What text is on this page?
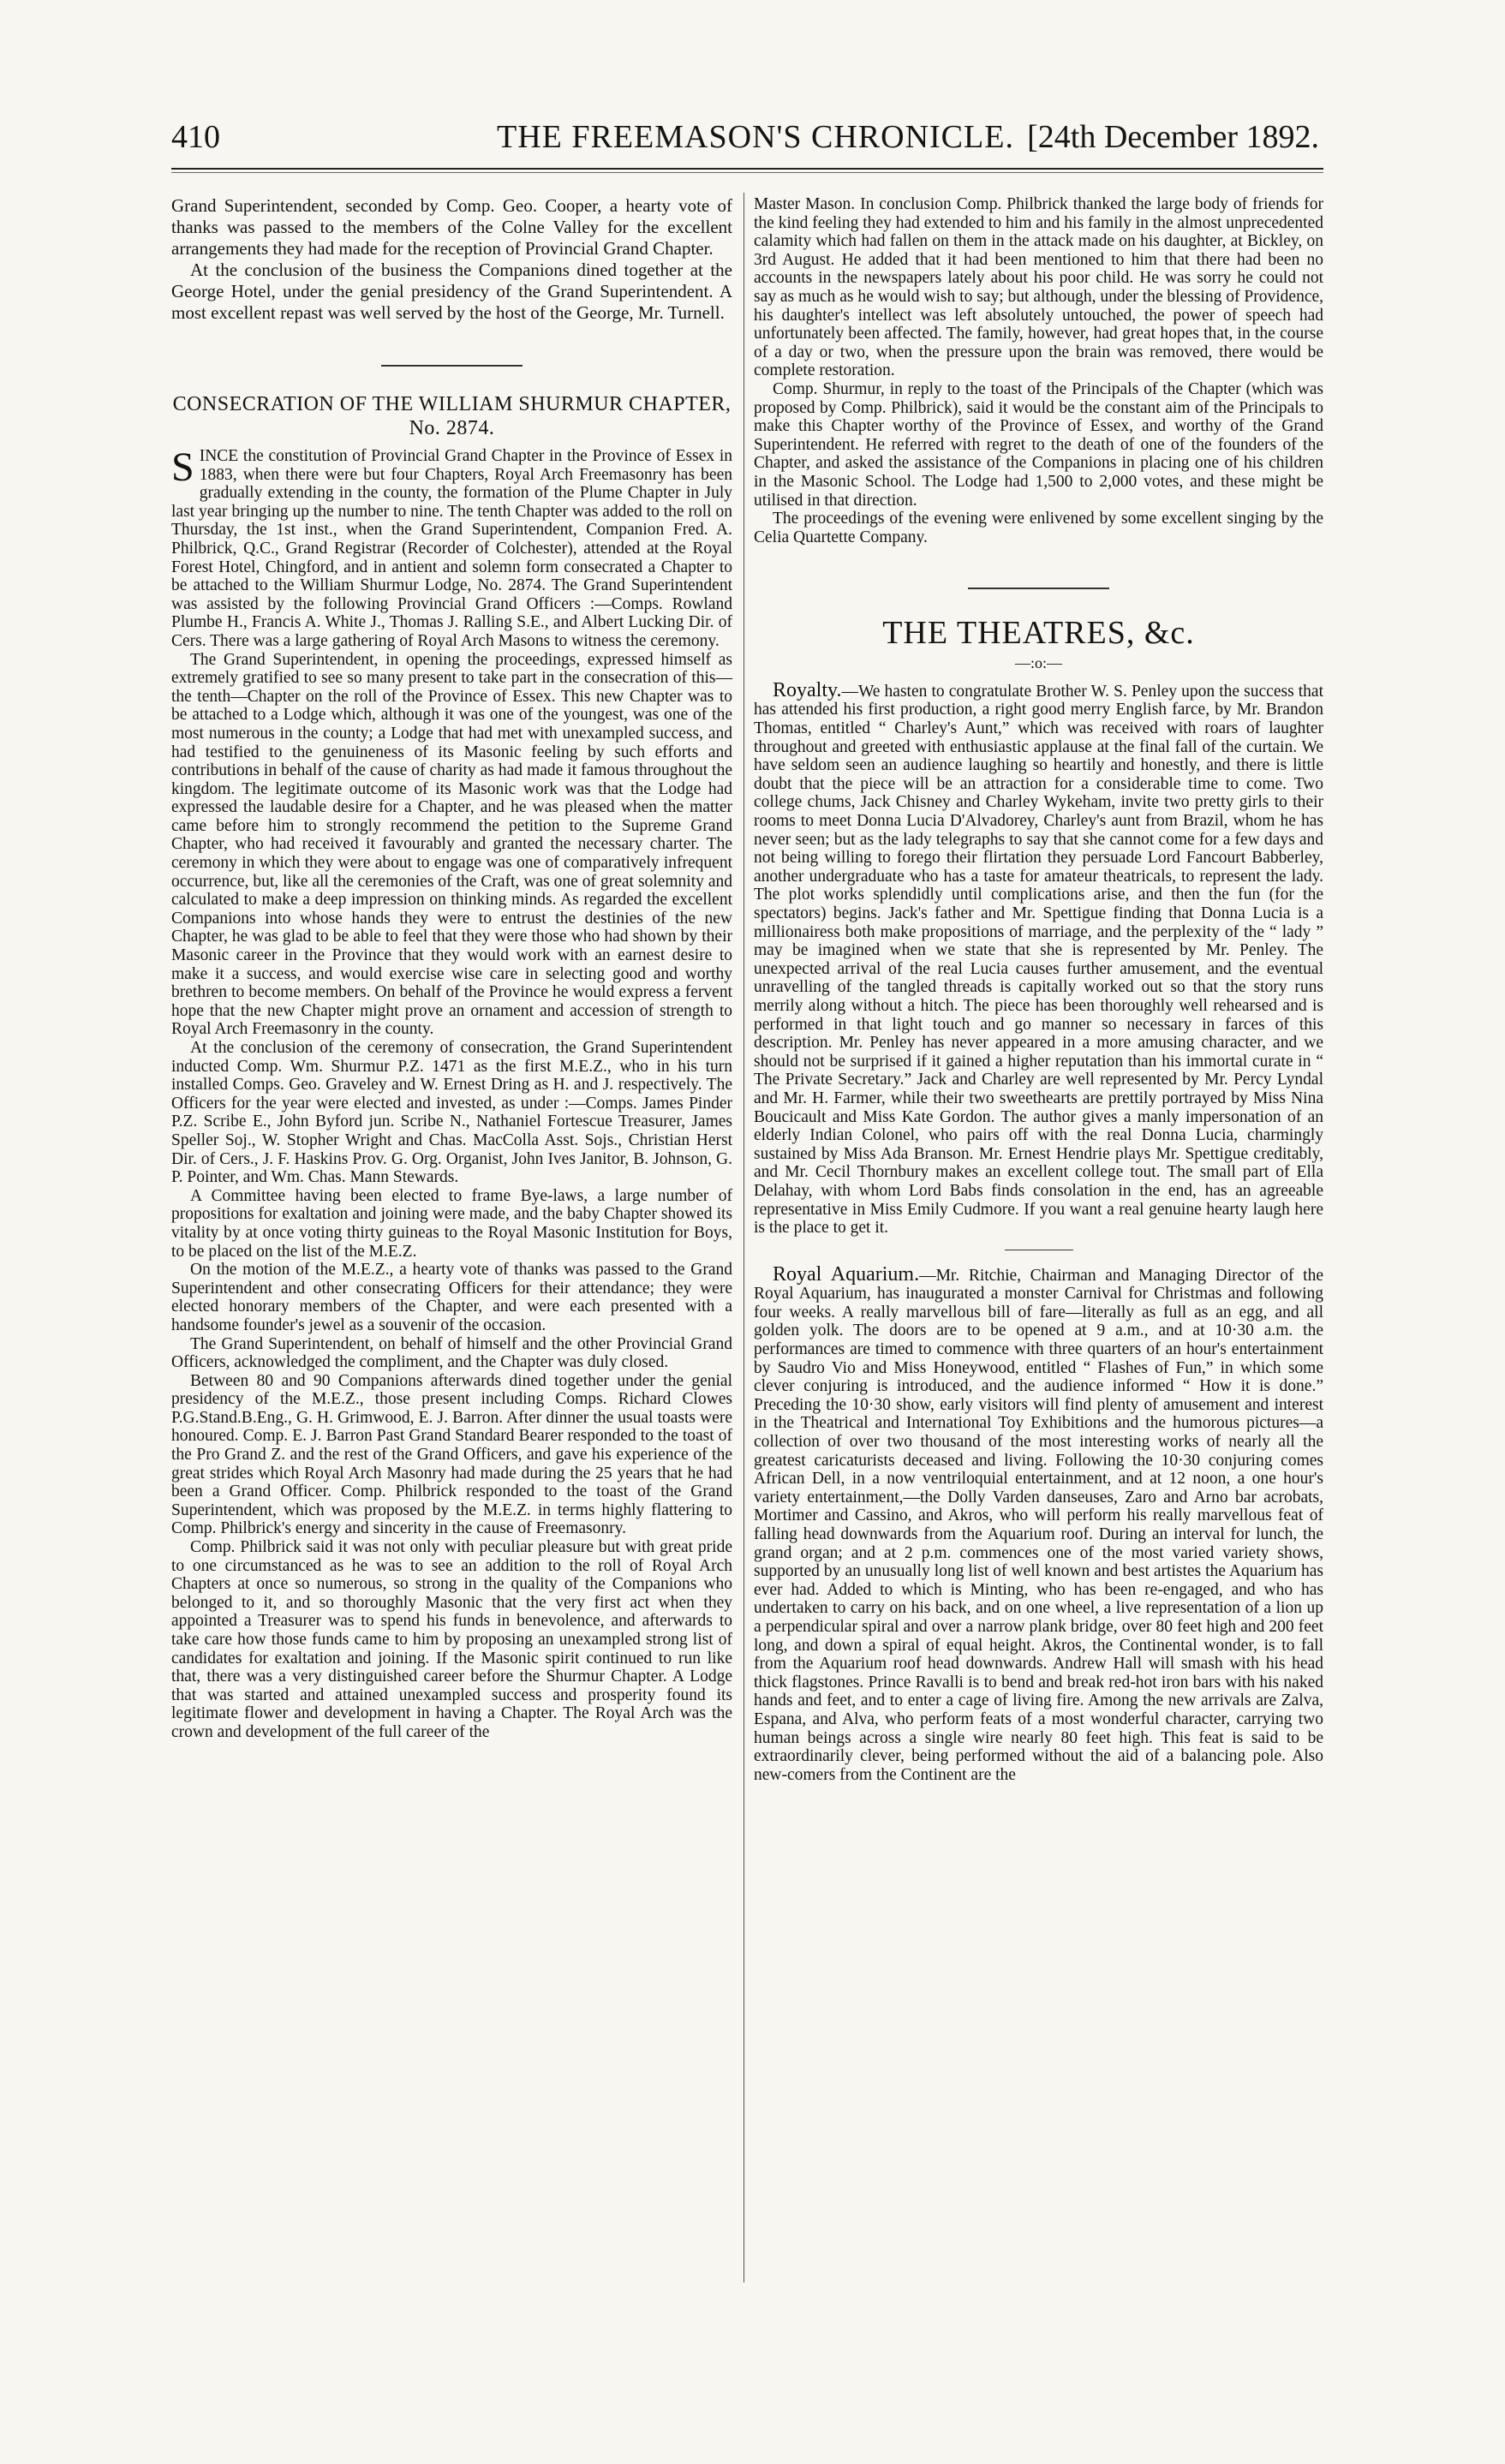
410	THE FREEMASON'S CHRONICLE. [24th December 1892.

Grand Superintendent, seconded by Comp. Geo. Cooper, a hearty vote of thanks was passed to the members of the Colne Valley for the excellent arrangements they had made for the reception of Provincial Grand Chapter.

At the conclusion of the business the Companions dined together at the George Hotel, under the genial presidency of the Grand Superintendent. A most excellent repast was well served by the host of the George, Mr. Turnell.

CONSECRATION OF THE WILLIAM SHURMUR CHAPTER, No. 2874.

SINCE the constitution of Provincial Grand Chapter in the Province of Essex in 1883, when there were but four Chapters, Royal Arch Freemasonry has been gradually extending in the county, the formation of the Plume Chapter in July last year bringing up the number to nine. The tenth Chapter was added to the roll on Thursday, the 1st inst., when the Grand Superintendent, Companion Fred. A. Philbrick, Q.C., Grand Registrar (Recorder of Colchester), attended at the Royal Forest Hotel, Chingford, and in antient and solemn form consecrated a Chapter to be attached to the William Shurmur Lodge, No. 2874. The Grand Superintendent was assisted by the following Provincial Grand Officers :—Comps. Rowland Plumbe H., Francis A. White J., Thomas J. Ralling S.E., and Albert Lucking Dir. of Cers. There was a large gathering of Royal Arch Masons to witness the ceremony.

The Grand Superintendent, in opening the proceedings, expressed himself as extremely gratified to see so many present to take part in the consecration of this—the tenth—Chapter on the roll of the Province of Essex. This new Chapter was to be attached to a Lodge which, although it was one of the youngest, was one of the most numerous in the county; a Lodge that had met with unexampled success, and had testified to the genuineness of its Masonic feeling by such efforts and contributions in behalf of the cause of charity as had made it famous throughout the kingdom. The legitimate outcome of its Masonic work was that the Lodge had expressed the laudable desire for a Chapter, and he was pleased when the matter came before him to strongly recommend the petition to the Supreme Grand Chapter, who had received it favourably and granted the necessary charter. The ceremony in which they were about to engage was one of comparatively infrequent occurrence, but, like all the ceremonies of the Craft, was one of great solemnity and calculated to make a deep impression on thinking minds. As regarded the excellent Companions into whose hands they were to entrust the destinies of the new Chapter, he was glad to be able to feel that they were those who had shown by their Masonic career in the Province that they would work with an earnest desire to make it a success, and would exercise wise care in selecting good and worthy brethren to become members. On behalf of the Province he would express a fervent hope that the new Chapter might prove an ornament and accession of strength to Royal Arch Freemasonry in the county.

At the conclusion of the ceremony of consecration, the Grand Superintendent inducted Comp. Wm. Shurmur P.Z. 1471 as the first M.E.Z., who in his turn installed Comps. Geo. Graveley and W. Ernest Dring as H. and J. respectively. The Officers for the year were elected and invested, as under :—Comps. James Pinder P.Z. Scribe E., John Byford jun. Scribe N., Nathaniel Fortescue Treasurer, James Speller Soj., W. Stopher Wright and Chas. MacColla Asst. Sojs., Christian Herst Dir. of Cers., J. F. Haskins Prov. G. Org. Organist, John Ives Janitor, B. Johnson, G. P. Pointer, and Wm. Chas. Mann Stewards.

A Committee having been elected to frame Bye-laws, a large number of propositions for exaltation and joining were made, and the baby Chapter showed its vitality by at once voting thirty guineas to the Royal Masonic Institution for Boys, to be placed on the list of the M.E.Z.

On the motion of the M.E.Z., a hearty vote of thanks was passed to the Grand Superintendent and other consecrating Officers for their attendance; they were elected honorary members of the Chapter, and were each presented with a handsome founder's jewel as a souvenir of the occasion.

The Grand Superintendent, on behalf of himself and the other Provincial Grand Officers, acknowledged the compliment, and the Chapter was duly closed.

Between 80 and 90 Companions afterwards dined together under the genial presidency of the M.E.Z., those present including Comps. Richard Clowes P.G.Stand.B.Eng., G. H. Grimwood, E. J. Barron. After dinner the usual toasts were honoured. Comp. E. J. Barron Past Grand Standard Bearer responded to the toast of the Pro Grand Z. and the rest of the Grand Officers, and gave his experience of the great strides which Royal Arch Masonry had made during the 25 years that he had been a Grand Officer. Comp. Philbrick responded to the toast of the Grand Superintendent, which was proposed by the M.E.Z. in terms highly flattering to Comp. Philbrick's energy and sincerity in the cause of Freemasonry.

Comp. Philbrick said it was not only with peculiar pleasure but with great pride to one circumstanced as he was to see an addition to the roll of Royal Arch Chapters at once so numerous, so strong in the quality of the Companions who belonged to it, and so thoroughly Masonic that the very first act when they appointed a Treasurer was to spend his funds in benevolence, and afterwards to take care how those funds came to him by proposing an unexampled strong list of candidates for exaltation and joining. If the Masonic spirit continued to run like that, there was a very distinguished career before the Shurmur Chapter. A Lodge that was started and attained unexampled success and prosperity found its legitimate flower and development in having a Chapter. The Royal Arch was the crown and development of the full career of the

Master Mason. In conclusion Comp. Philbrick thanked the large body of friends for the kind feeling they had extended to him and his family in the almost unprecedented calamity which had fallen on them in the attack made on his daughter, at Bickley, on 3rd August. He added that it had been mentioned to him that there had been no accounts in the newspapers lately about his poor child. He was sorry he could not say as much as he would wish to say; but although, under the blessing of Providence, his daughter's intellect was left absolutely untouched, the power of speech had unfortunately been affected. The family, however, had great hopes that, in the course of a day or two, when the pressure upon the brain was removed, there would be complete restoration.

Comp. Shurmur, in reply to the toast of the Principals of the Chapter (which was proposed by Comp. Philbrick), said it would be the constant aim of the Principals to make this Chapter worthy of the Province of Essex, and worthy of the Grand Superintendent. He referred with regret to the death of one of the founders of the Chapter, and asked the assistance of the Companions in placing one of his children in the Masonic School. The Lodge had 1,500 to 2,000 votes, and these might be utilised in that direction.

The proceedings of the evening were enlivened by some excellent singing by the Celia Quartette Company.

THE THEATRES, &c.
—:o:—

Royalty.—We hasten to congratulate Brother W. S. Penley upon the success that has attended his first production, a right good merry English farce, by Mr. Brandon Thomas, entitled “ Charley's Aunt,” which was received with roars of laughter throughout and greeted with enthusiastic applause at the final fall of the curtain. We have seldom seen an audience laughing so heartily and honestly, and there is little doubt that the piece will be an attraction for a considerable time to come. Two college chums, Jack Chisney and Charley Wykeham, invite two pretty girls to their rooms to meet Donna Lucia D'Alvadorey, Charley's aunt from Brazil, whom he has never seen; but as the lady telegraphs to say that she cannot come for a few days and not being willing to forego their flirtation they persuade Lord Fancourt Babberley, another undergraduate who has a taste for amateur theatricals, to represent the lady. The plot works splendidly until complications arise, and then the fun (for the spectators) begins. Jack's father and Mr. Spettigue finding that Donna Lucia is a millionairess both make propositions of marriage, and the perplexity of the “ lady ” may be imagined when we state that she is represented by Mr. Penley. The unexpected arrival of the real Lucia causes further amusement, and the eventual unravelling of the tangled threads is capitally worked out so that the story runs merrily along without a hitch. The piece has been thoroughly well rehearsed and is performed in that light touch and go manner so necessary in farces of this description. Mr. Penley has never appeared in a more amusing character, and we should not be surprised if it gained a higher reputation than his immortal curate in “ The Private Secretary.” Jack and Charley are well represented by Mr. Percy Lyndal and Mr. H. Farmer, while their two sweethearts are prettily portrayed by Miss Nina Boucicault and Miss Kate Gordon. The author gives a manly impersonation of an elderly Indian Colonel, who pairs off with the real Donna Lucia, charmingly sustained by Miss Ada Branson. Mr. Ernest Hendrie plays Mr. Spettigue creditably, and Mr. Cecil Thornbury makes an excellent college tout. The small part of Ella Delahay, with whom Lord Babs finds consolation in the end, has an agreeable representative in Miss Emily Cudmore. If you want a real genuine hearty laugh here is the place to get it.

Royal Aquarium.—Mr. Ritchie, Chairman and Managing Director of the Royal Aquarium, has inaugurated a monster Carnival for Christmas and following four weeks. A really marvellous bill of fare—literally as full as an egg, and all golden yolk. The doors are to be opened at 9 a.m., and at 10·30 a.m. the performances are timed to commence with three quarters of an hour's entertainment by Saudro Vio and Miss Honeywood, entitled “ Flashes of Fun,” in which some clever conjuring is introduced, and the audience informed “ How it is done.” Preceding the 10·30 show, early visitors will find plenty of amusement and interest in the Theatrical and International Toy Exhibitions and the humorous pictures—a collection of over two thousand of the most interesting works of nearly all the greatest caricaturists deceased and living. Following the 10·30 conjuring comes African Dell, in a now ventriloquial entertainment, and at 12 noon, a one hour's variety entertainment,—the Dolly Varden danseuses, Zaro and Arno bar acrobats, Mortimer and Cassino, and Akros, who will perform his really marvellous feat of falling head downwards from the Aquarium roof. During an interval for lunch, the grand organ; and at 2 p.m. commences one of the most varied variety shows, supported by an unusually long list of well known and best artistes the Aquarium has ever had. Added to which is Minting, who has been re-engaged, and who has undertaken to carry on his back, and on one wheel, a live representation of a lion up a perpendicular spiral and over a narrow plank bridge, over 80 feet high and 200 feet long, and down a spiral of equal height. Akros, the Continental wonder, is to fall from the Aquarium roof head downwards. Andrew Hall will smash with his head thick flagstones. Prince Ravalli is to bend and break red-hot iron bars with his naked hands and feet, and to enter a cage of living fire. Among the new arrivals are Zalva, Espana, and Alva, who perform feats of a most wonderful character, carrying two human beings across a single wire nearly 80 feet high. This feat is said to be extraordinarily clever, being performed without the aid of a balancing pole. Also new-comers from the Continent are the
